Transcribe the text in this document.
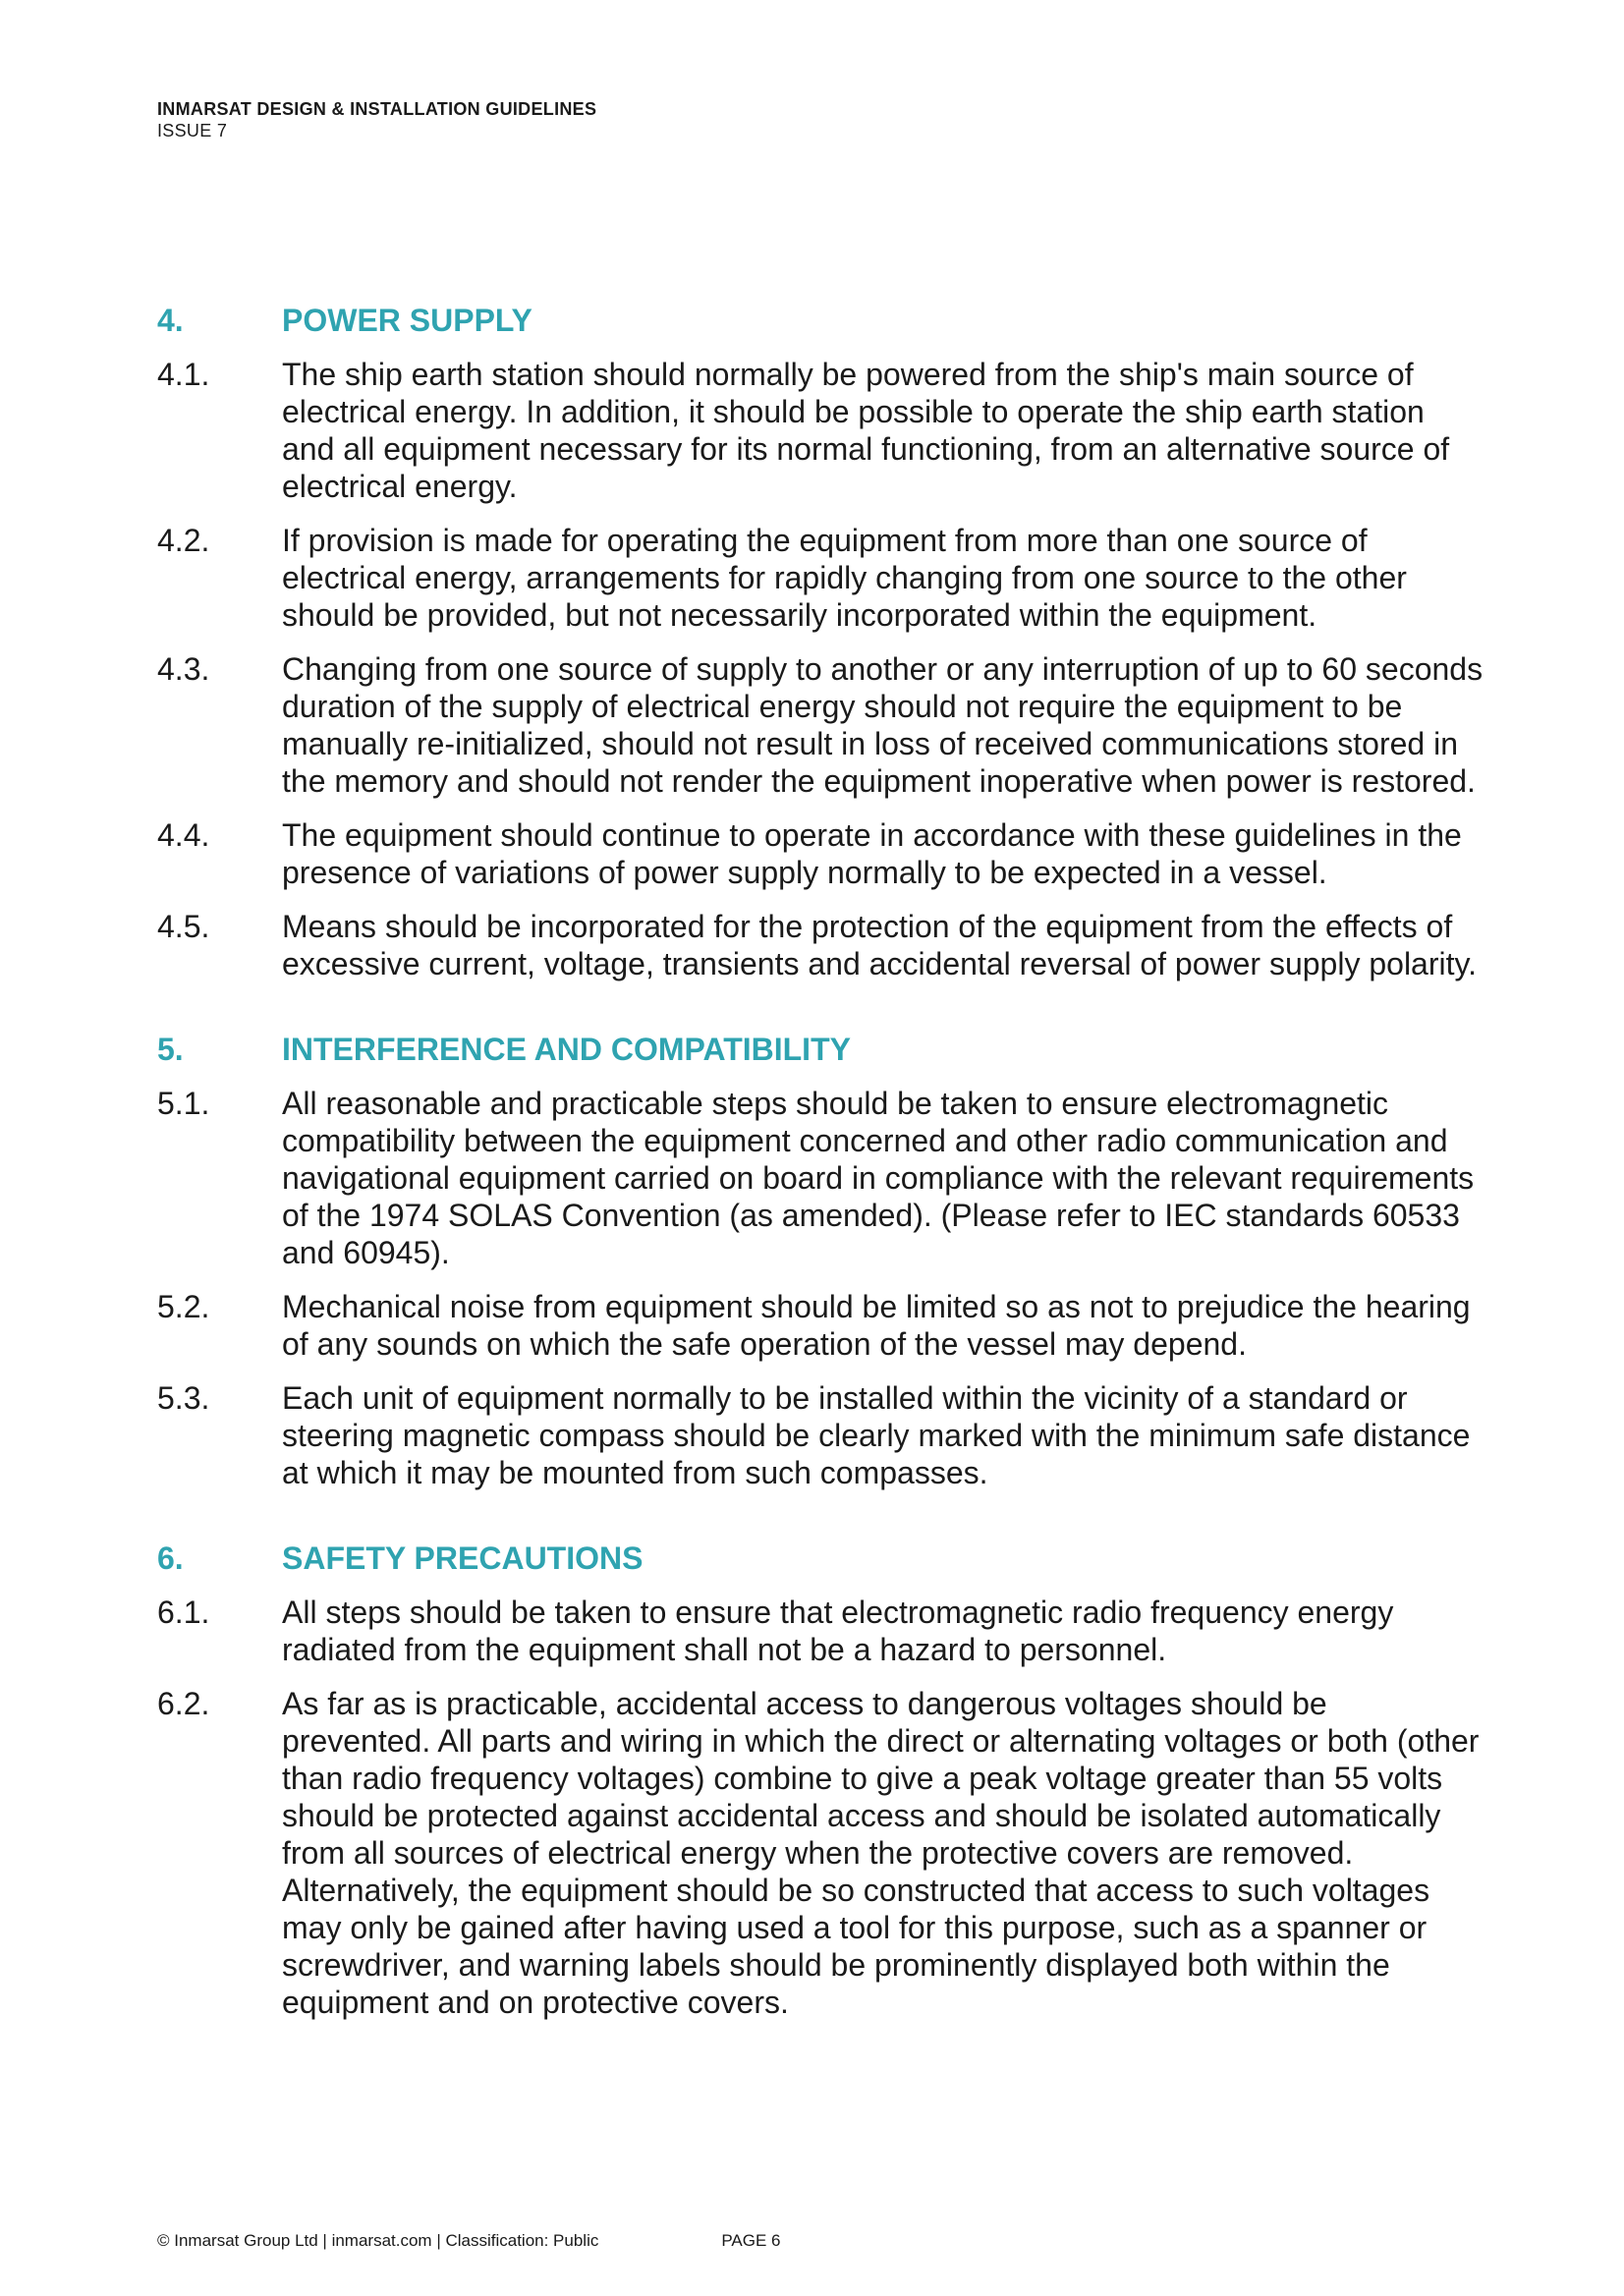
INMARSAT DESIGN & INSTALLATION GUIDELINES
ISSUE 7
4.	POWER SUPPLY
4.1.	The ship earth station should normally be powered from the ship's main source of electrical energy. In addition, it should be possible to operate the ship earth station and all equipment necessary for its normal functioning, from an alternative source of electrical energy.
4.2.	If provision is made for operating the equipment from more than one source of electrical energy, arrangements for rapidly changing from one source to the other should be provided, but not necessarily incorporated within the equipment.
4.3.	Changing from one source of supply to another or any interruption of up to 60 seconds duration of the supply of electrical energy should not require the equipment to be manually re-initialized, should not result in loss of received communications stored in the memory and should not render the equipment inoperative when power is restored.
4.4.	The equipment should continue to operate in accordance with these guidelines in the presence of variations of power supply normally to be expected in a vessel.
4.5.	Means should be incorporated for the protection of the equipment from the effects of excessive current, voltage, transients and accidental reversal of power supply polarity.
5.	INTERFERENCE AND COMPATIBILITY
5.1.	All reasonable and practicable steps should be taken to ensure electromagnetic compatibility between the equipment concerned and other radio communication and navigational equipment carried on board in compliance with the relevant requirements of the 1974 SOLAS Convention (as amended). (Please refer to IEC standards 60533 and 60945).
5.2.	Mechanical noise from equipment should be limited so as not to prejudice the hearing of any sounds on which the safe operation of the vessel may depend.
5.3.	Each unit of equipment normally to be installed within the vicinity of a standard or steering magnetic compass should be clearly marked with the minimum safe distance at which it may be mounted from such compasses.
6.	SAFETY PRECAUTIONS
6.1.	All steps should be taken to ensure that electromagnetic radio frequency energy radiated from the equipment shall not be a hazard to personnel.
6.2.	As far as is practicable, accidental access to dangerous voltages should be prevented. All parts and wiring in which the direct or alternating voltages or both (other than radio frequency voltages) combine to give a peak voltage greater than 55 volts should be protected against accidental access and should be isolated automatically from all sources of electrical energy when the protective covers are removed. Alternatively, the equipment should be so constructed that access to such voltages may only be gained after having used a tool for this purpose, such as a spanner or screwdriver, and warning labels should be prominently displayed both within the equipment and on protective covers.
© Inmarsat Group Ltd | inmarsat.com | Classification: Public	PAGE 6
